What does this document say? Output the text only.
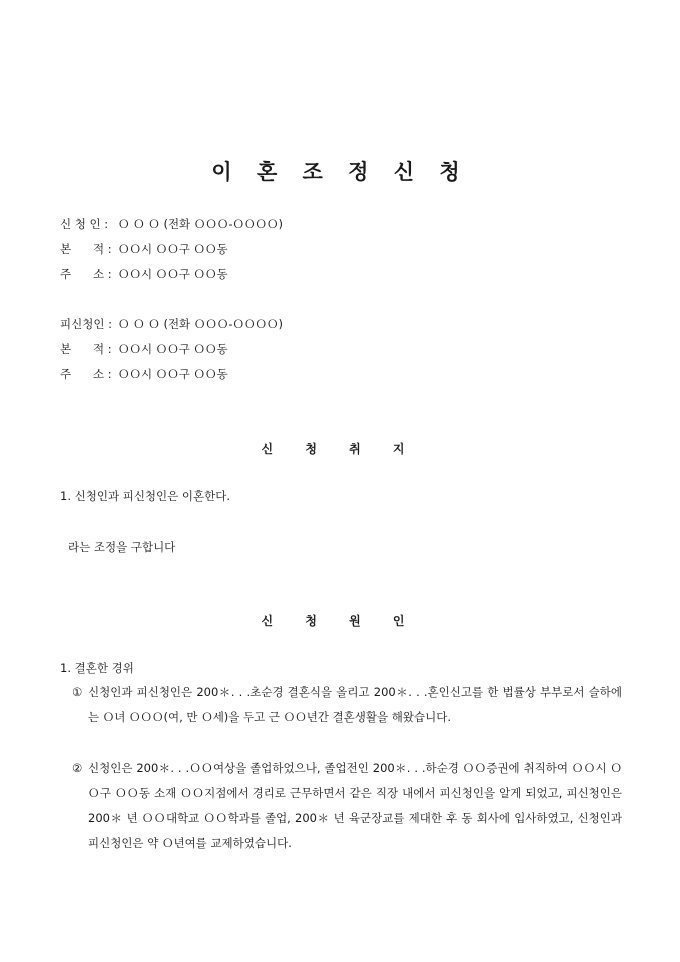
이 혼 조 정 신 청
신 청 인 : Ｏ Ｏ Ｏ (전화 ＯＯＯ-ＯＯＯＯ)
본      적 : ＯＯ시 ＯＯ구 ＯＯ동
주      소 : ＯＯ시 ＯＯ구 ＯＯ동
피신청인 : Ｏ Ｏ Ｏ (전화 ＯＯＯ-ＯＯＯＯ)
본      적 : ＯＯ시 ＯＯ구 ＯＯ동
주      소 : ＯＯ시 ＯＯ구 ＯＯ동
신 청 취 지
1. 신청인과 피신청인은 이혼한다.
라는 조정을 구합니다
신 청 원 인
1. 결혼한 경위
① 신청인과 피신청인은 200＊. . .초순경 결혼식을 올리고 200＊. . .혼인신고를 한 법률상 부부로서 슬하에는 Ｏ녀 ＯＯＯ(여, 만 Ｏ세)을 두고 근 ＯＯ년간 결혼생활을 해왔습니다.
② 신청인은 200＊. . .ＯＯ여상을 졸업하었으나, 졸업전인 200＊. . .하순경 ＯＯ증권에 취직하여 ＯＯ시 ＯＯ구 ＯＯ동 소재 ＯＯ지점에서 경리로 근무하면서 같은 직장 내에서 피신청인을 알게 되었고, 피신청인은 200＊ 년 ＯＯ대학교 ＯＯ학과를 졸업, 200＊ 년 육군장교를 제대한 후 동 회사에 입사하였고, 신청인과 피신청인은 약 Ｏ년여를 교제하였습니다.
